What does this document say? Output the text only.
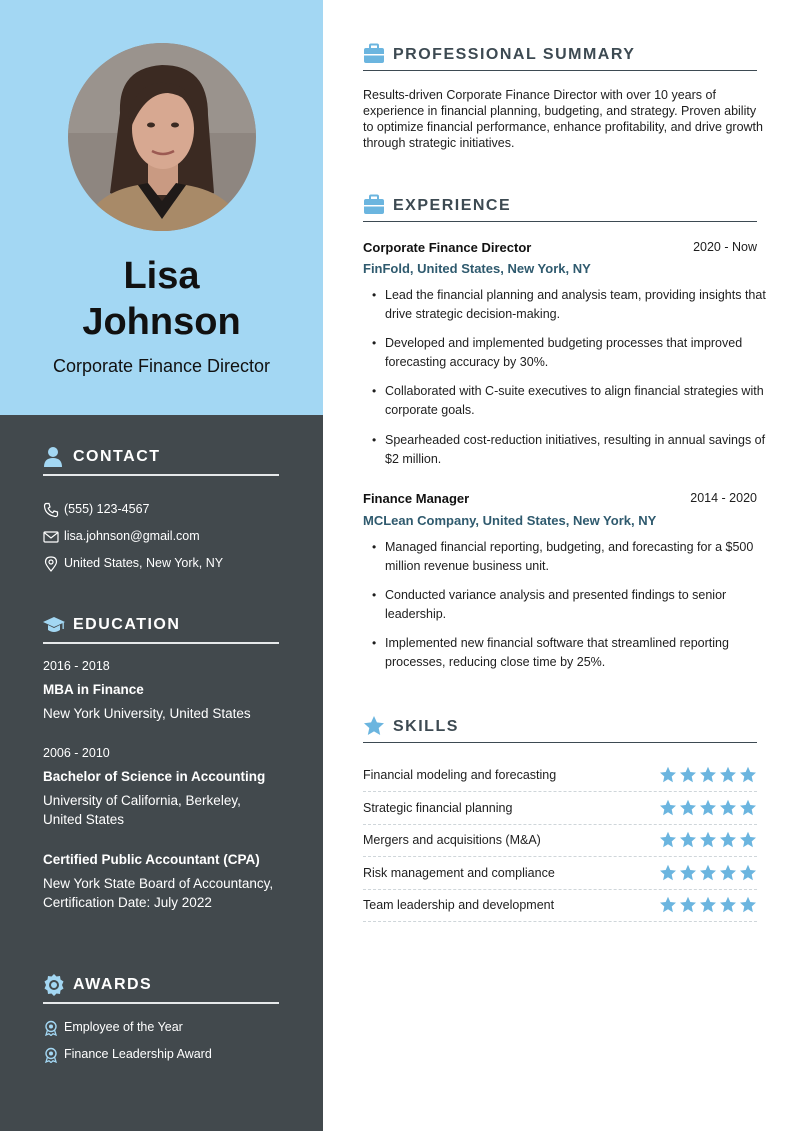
Lisa
Johnson
Corporate Finance Director
CONTACT
(555) 123-4567
lisa.johnson@gmail.com
United States, New York, NY
EDUCATION
2016 - 2018
MBA in Finance
New York University, United States
2006 - 2010
Bachelor of Science in Accounting
University of California, Berkeley, United States
Certified Public Accountant (CPA)
New York State Board of Accountancy, Certification Date: July 2022
AWARDS
Employee of the Year
Finance Leadership Award
PROFESSIONAL SUMMARY
Results-driven Corporate Finance Director with over 10 years of experience in financial planning, budgeting, and strategy. Proven ability to optimize financial performance, enhance profitability, and drive growth through strategic initiatives.
EXPERIENCE
Corporate Finance Director	2020 - Now
FinFold, United States, New York, NY
• Lead the financial planning and analysis team, providing insights that drive strategic decision-making.
• Developed and implemented budgeting processes that improved forecasting accuracy by 30%.
• Collaborated with C-suite executives to align financial strategies with corporate goals.
• Spearheaded cost-reduction initiatives, resulting in annual savings of $2 million.
Finance Manager	2014 - 2020
MCLean Company, United States, New York, NY
• Managed financial reporting, budgeting, and forecasting for a $500 million revenue business unit.
• Conducted variance analysis and presented findings to senior leadership.
• Implemented new financial software that streamlined reporting processes, reducing close time by 25%.
SKILLS
Financial modeling and forecasting
Strategic financial planning
Mergers and acquisitions (M&A)
Risk management and compliance
Team leadership and development
